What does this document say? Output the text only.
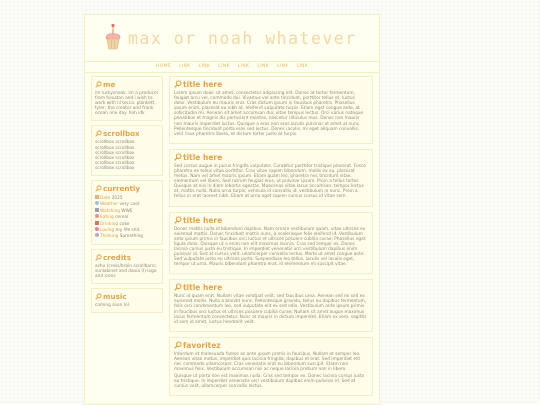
max or noah whatever
HOME LINK LINK LINK LINK LINK LINK LINK
me
im luckysneak. im a producer from houston and i wish to work with lil tecca. plankett, tyler, the creator and frank ocean one day. hoh idk
scrollbox
scrollbox scrollbox
scrollbox scrollbox
scrollbox scrollbox
scrollbox scrollbox
scrollbox scrollbox
scrollbox scrollbox
currently
Date 2025
Weather very cool
Watching WWE
Eating cereal
Drinking coke
Loving my life shit
Thinking Something
credits
ashu (cress/brain.scrollbars), sunlabinet and davia (l) logo and icons
music
coming soon lol.
title here

Lorem ipsum dolor sit amet, consectetur adipiscing elit. Donec at tortor fermentum, feugiat arcu vel, commodo dui. Vivamus vel ante tincidunt, porttitor tellus et, luctus dolor. Vestibulum eu mauris erat. Cras dictum ipsum in faucibus pharetra. Phasellus ipsum enim, placerat eu nibh at, eleifend vulputate turpis. Etiam eget congue ante, at sollicitudin mi. Aenean sit amet accumsan dui, vitae tempus lectus. Orci varius natoque penatibus et magnis dis parturient montes, nascetur ridiculus mus. Donec non mauris non mauris imperdiet luctus. Quisque a eros non eros iaculis pulvinar ut amet at nunc. Pellentesque tincidunt porta eros sed luctus. Donec iaculis, mi eget aliquam convallis, velit risus pharetra libero, et dictum tortor justo at turpis.

title here

Sed cursus augue in purus fringilla vulputate. Curabitur porttitor tristique placerat. Fusce pharetra ex tellus vitae porttitor. Cras vitae sapien bibendum, mollis ex eu, placerat metus. Nam vel amet mauris ipsum. Etiam quam leo, pharetra nec tincidunt vitae, elementum vel libero. Sed rutrum feugiat eros, ut pulvinar ipsum. Proin a tellus tortor. Quisque at nisi in diam lobortis egestas. Maecenas vitae lacus accumsan, tempor lectus at, mattis nulla. Nulla urna turpis, vehicula id convallis id, vestibulum in nunc. Proin a tellus in erat laoreet nibh. Etiam at urna eget sapien cursus cursus id vitae sem.

title here

Donec mattis nulla id bibendum dapibus. Nam ornare vestibulum quam, vitae ultrices ex euismod mattis. Donec tincidunt mattis nunc, a scelerisque felis eleifend id. Vestibulum ante ipsum primis in faucibus orci luctus et ultrices posuere cubilia curae; Phasellus eget ligula dolor. Quisque ut a enim non elit maximus lacinia. Cras sed tempor ex. Donec lacinia cursus justo eu tristique. In imperdiet venenatis orci vestibulum dapibus enim pulvinar id. Sed at cursus velit, ullamcorper convallis lectus. Morbi ut amet congue ante. Sed vulputate justo eu ultrices porta. Suspendisse leo tellus, iaculis vel iaculis eget, tempor ut urna. Mauris bibendum pharetra erat, id elementum mi suscipit vitae.

title here

Nunc id quam erat. Nullam vitae volutpat velit, sed faucibus urna. Aenean sed mi sed ex euismod mollis. Nulla a blandit nunc. Pellentesque gravida, tellus eu dapibus fermentum, felis orci condimentum leo, sed vulputate elit ex sed odio. Vestibulum ante ipsum primis in faucibus orci luctus et ultrices posuere cubilia curae; Nullam sit amet augue maximus lacus fermentum consectetur. Nunc at mauris in dictum imperdiet. Etiam ex sem, sagittis id sem id amet, luctus hendrerit velit.

favoritez

Interdum et malesuada fames ac ante ipsum primis in faucibus. Nullam et semper leo. Aenean vitae metus, imperdiet quis lacinia fringilla, dapibus et erat. Sed imperdiet elit nec commodo ullamcorper. Cras venenatis erat eu bibendum suscipit. Etiam non maximus felis. Vestibulum accumsan nisi ac neque lacinia pretium non in libero.

Quisque ut porta non est maximus nulla. Cras sed tempor ex. Donec lacinia cursus justo eu tristique. In imperdiet venenatis orci vestibulum dapibus enim pulvinar id. Sed at cursus velit, ullamcorper convallis lectus.
